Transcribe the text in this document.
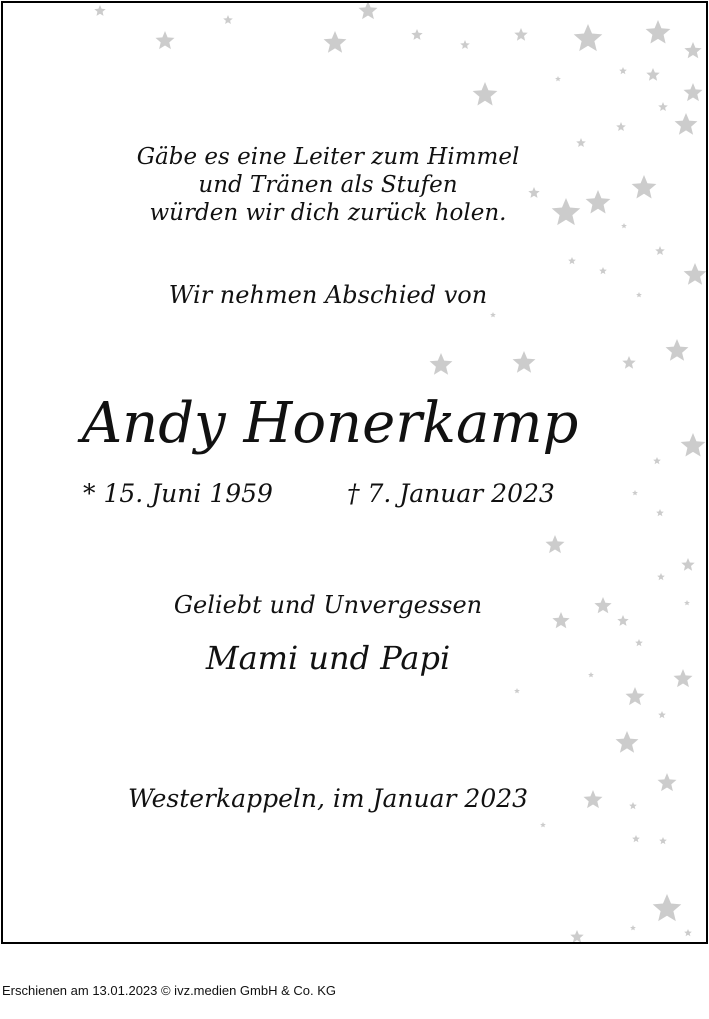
Gäbe es eine Leiter zum Himmel
und Tränen als Stufen
würden wir dich zurück holen.
Wir nehmen Abschied von
Andy Honerkamp
* 15. Juni 1959	† 7. Januar 2023
Geliebt und Unvergessen
Mami und Papi
Westerkappeln, im Januar 2023
Erschienen am 13.01.2023 © ivz.medien GmbH & Co. KG
